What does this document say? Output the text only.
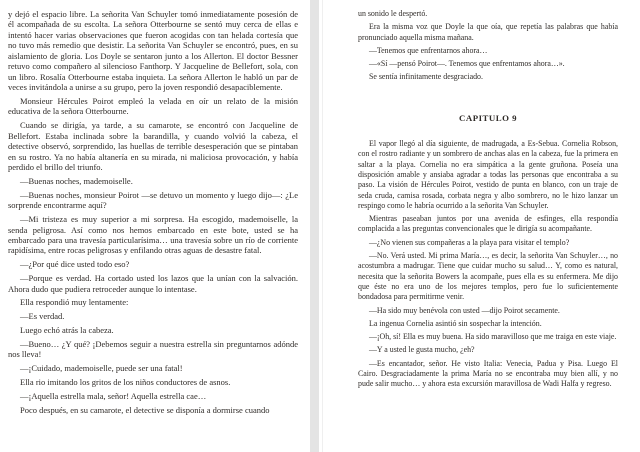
y dejó el espacio libre. La señorita Van Schuyler tomó inmediatamente posesión de él acompañada de su escolta. La señora Otterbourne se sentó muy cerca de ellas e intentó hacer varias observaciones que fueron acogidas con tan helada cortesía que no tuvo más remedio que desistir. La señorita Van Schuyler se encontró, pues, en su aislamiento de gloria. Los Doyle se sentaron junto a los Allerton. El doctor Bessner retuvo como compañero al silencioso Fanthorp. Y Jacqueline de Bellefort, sola, con un libro. Rosalía Otterbourne estaba inquieta. La señora Allerton le habló un par de veces invitándola a unirse a su grupo, pero la joven respondió desapaciblemente.

Monsieur Hércules Poirot empleó la velada en oír un relato de la misión educativa de la señora Otterbourne.

Cuando se dirigía, ya tarde, a su camarote, se encontró con Jacqueline de Bellefort. Estaba inclinada sobre la barandilla, y cuando volvió la cabeza, el detective observó, sorprendido, las huellas de terrible desesperación que se pintaban en su rostro. Ya no había altanería en su mirada, ni maliciosa provocación, y había perdido el brillo del triunfo.

—Buenas noches, mademoiselle.

—Buenas noches, monsieur Poirot —se detuvo un momento y luego dijo—: ¿Le sorprende encontrarme aquí?

—Mi tristeza es muy superior a mi sorpresa. Ha escogido, mademoiselle, la senda peligrosa. Así como nos hemos embarcado en este bote, usted se ha embarcado para una travesía particularísima… una travesía sobre un río de corriente rapidísima, entre rocas peligrosas y enfilando otras aguas de desastre fatal.

—¿Por qué dice usted todo eso?

—Porque es verdad. Ha cortado usted los lazos que la unían con la salvación. Ahora dudo que pudiera retroceder aunque lo intentase.

Ella respondió muy lentamente:

—Es verdad.

Luego echó atrás la cabeza.

—Bueno… ¿Y qué? ¡Debemos seguir a nuestra estrella sin preguntarnos adónde nos lleva!

—¡Cuidado, mademoiselle, puede ser una fatal!

Ella rio imitando los gritos de los niños conductores de asnos.

—¡Aquella estrella mala, señor! Aquella estrella cae…

Poco después, en su camarote, el detective se disponía a dormirse cuando

un sonido le despertó.

Era la misma voz que Doyle la que oía, que repetía las palabras que había pronunciado aquella misma mañana.

—Tenemos que enfrentarnos ahora…

—«Sí —pensó Poirot—. Tenemos que enfrentamos ahora…».

Se sentía infinitamente desgraciado.

CAPITULO 9

El vapor llegó al día siguiente, de madrugada, a Es-Sebua. Cornelia Robson, con el rostro radiante y un sombrero de anchas alas en la cabeza, fue la primera en saltar a la playa. Cornelia no era simpática a la gente gruñona. Poseía una disposición amable y ansiaba agradar a todas las personas que encontraba a su paso. La visión de Hércules Poirot, vestido de punta en blanco, con un traje de seda cruda, camisa rosada, corbata negra y albo sombrero, no le hizo lanzar un respingo como le habría ocurrido a la señorita Van Schuyler.

Mientras paseaban juntos por una avenida de esfinges, ella respondía complacida a las preguntas convencionales que le dirigía su acompañante.

—¿No vienen sus compañeras a la playa para visitar el templo?

—No. Verá usted. Mi prima María…, es decir, la señorita Van Schuyler…, no acostumbra a madrugar. Tiene que cuidar mucho su salud… Y, como es natural, necesita que la señorita Bowers la acompañe, pues ella es su enfermera. Me dijo que éste no era uno de los mejores templos, pero fue lo suficientemente bondadosa para permitirme venir.

—Ha sido muy benévola con usted —dijo Poirot secamente.

La ingenua Cornelia asintió sin sospechar la intención.

—¡Oh, sí! Ella es muy buena. Ha sido maravilloso que me traiga en este viaje.

—Y a usted le gusta mucho, ¿eh?

—Es encantador, señor. He visto Italia: Venecia, Padua y Pisa. Luego El Cairo. Desgraciadamente la prima María no se encontraba muy bien allí, y no pude salir mucho… y ahora esta excursión maravillosa de Wadi Halfa y regreso.
